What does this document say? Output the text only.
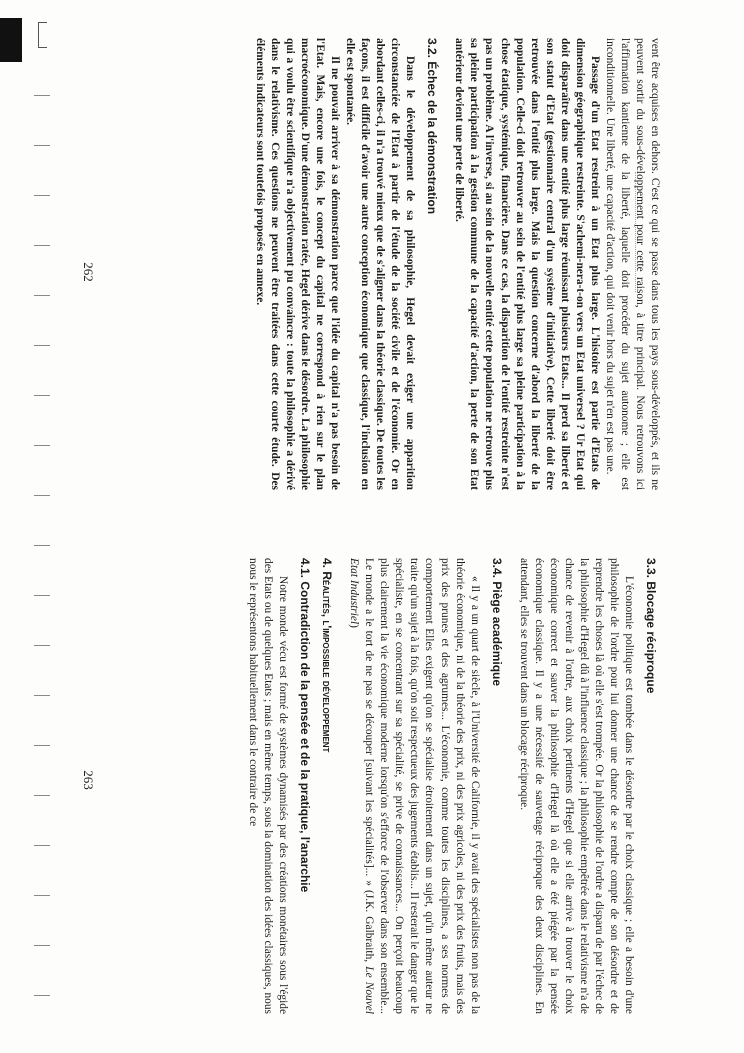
vent être acquises en dehors. C'est ce qui se passe dans tous les pays sous-développés, et ils ne peuvent sortir du sous-développement pour cette raison, à titre principal. Nous retrouvons ici l'affirmation kantienne de la liberté, laquelle doit procéder du sujet autonome ; elle est inconditionnelle. Une liberté, une capacité d'action, qui doit venir hors du sujet n'en est pas une.

Passage d'un Etat restreint à un Etat plus large. L'histoire est partie d'Etats de dimension géographique restreinte. S'achemi-nera-t-on vers un Etat universel ? Ur Etat qui doit disparaître dans une entité plus large réunissant plusieurs Etats... Il perd sa liberté et son statut d'Etat (gestionnaire central d'un système d'initiative). Cette liberté doit être retrouvée dans l'entité plus large. Mais la question concerne d'abord la liberté de la population. Celle-ci doit retrouver au sein de l'entité plus large sa pleine participation à la chose étatique, systémique, financière. Dans ce cas, la disparition de l'entité restreinte n'est pas un problème. A l'inverse, si au sein de la nouvelle entité cette population ne retrouve plus sa pleine participation à la gestion commune de la capacité d'action, la perte de son Etat antérieur devient une perte de liberté.

3.2. Échec de la démonstration

Dans le développement de sa philosophie, Hegel devait exiger une apparition circonstanciée de l'Etat à partir de l'étude de la société civile et de l'économie. Or en abordant celles-ci, il n'a trouvé mieux que de s'aligner dans la théorie classique. De toutes les façons, il est difficile d'avoir une autre conception économique que classique, l'inclusion en elle est spontanée.

Il ne pouvait arriver à sa démonstration parce que l'idée du capital n'a pas besoin de l'Etat. Mais, encore une fois, le concept du capital ne correspond à rien sur le plan macroéconomique. D'une démonstration ratée, Hegel dérive dans le désordre. La philosophie qui a voulu être scientifique n'a objectivement pu convaincre : toute la philosophie a dérivé dans le relativisme. Ces questions ne peuvent être traitées dans cette courte étude. Des éléments indicateurs sont toutefois proposés en annexe.

262
3.3. Blocage réciproque

L'économie politique est tombée dans le désordre par le choix classique ; elle a besoin d'une philosophie de l'ordre pour lui donner une chance de se rendre compte de son désordre et de reprendre les choses là où elle s'est trompée. Or la philosophie de l'ordre a disparu de par l'échec de la philosophie d'Hegel dû à l'influence classique ; la philosophie empêtrée dans le relativisme n'a de chance de revenir à l'ordre, aux choix pertinents d'Hegel que si elle arrive à trouver le choix économique correct et sauver la philosophie d'Hegel là où elle a été piégée par la pensée économique classique. Il y a une nécessité de sauvetage réciproque des deux disciplines. En attendant, elles se trouvent dans un blocage réciproque.

3.4. Piège académique

« Il y a un quart de siècle, à l'Université de Californie, il y avait des spécialistes non pas de la théorie économique, ni de la théorie des prix, ni des prix agricoles, ni des prix des fruits, mais des prix des prunes et des agrumes... L'économie, comme toutes les disciplines, a ses normes de comportement Elles exigent qu'on se spécialise étroitement dans un sujet, qu'in même auteur ne traite qu'un sujet à la fois, qu'on soit respectueux des jugements établis... Il resterait le danger que le spécialiste, en se concentrant sur sa spécialité, se prive de connaissances... On perçoit beaucoup plus clairement la vie économique moderne lorsqu'on s'efforce de l'observer dans son ensemble... Le monde a le tort de ne pas se découper [suivant les spécialités]... » (J.K. Galbraith, Le Nouvel Etat Industriel)

4. Réalités, l'impossible développement
4.1. Contradiction de la pensée et de la pratique, l'anarchie

Notre monde vécu est formé de systèmes dynamisés par des créations monétaires sous l'égide des Etats ou de quelques Etats ; mais en même temps, sous la domination des idées classiques, nous nous le représentons habituellement dans le contraire de ce

263
